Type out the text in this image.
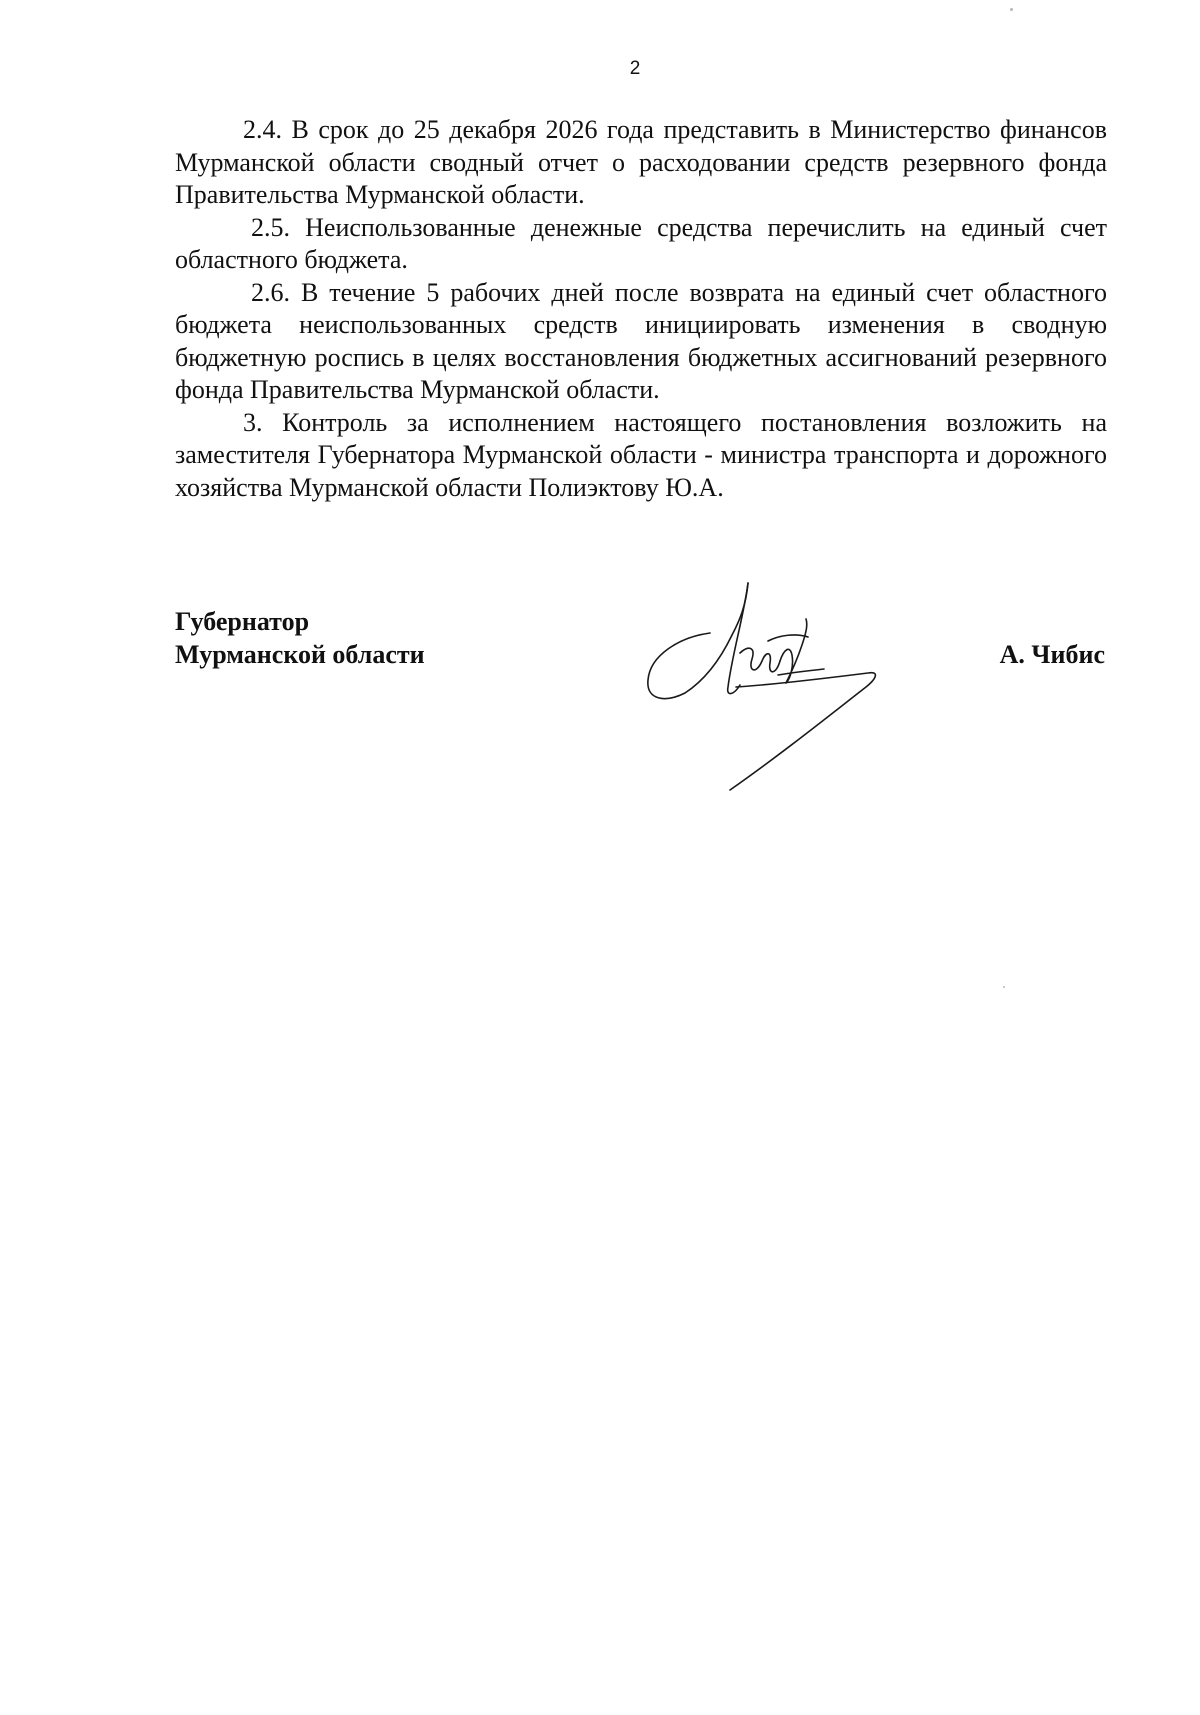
2

2.4. В срок до 25 декабря 2026 года представить в Министерство финансов Мурманской области сводный отчет о расходовании средств резервного фонда Правительства Мурманской области.

2.5. Неиспользованные денежные средства перечислить на единый счет областного бюджета.

2.6. В течение 5 рабочих дней после возврата на единый счет областного бюджета неиспользованных средств инициировать изменения в сводную бюджетную роспись в целях восстановления бюджетных ассигнований резервного фонда Правительства Мурманской области.

3. Контроль за исполнением настоящего постановления возложить на заместителя Губернатора Мурманской области - министра транспорта и дорожного хозяйства Мурманской области Полиэктову Ю.А.

Губернатор
Мурманской области	А. Чибис
